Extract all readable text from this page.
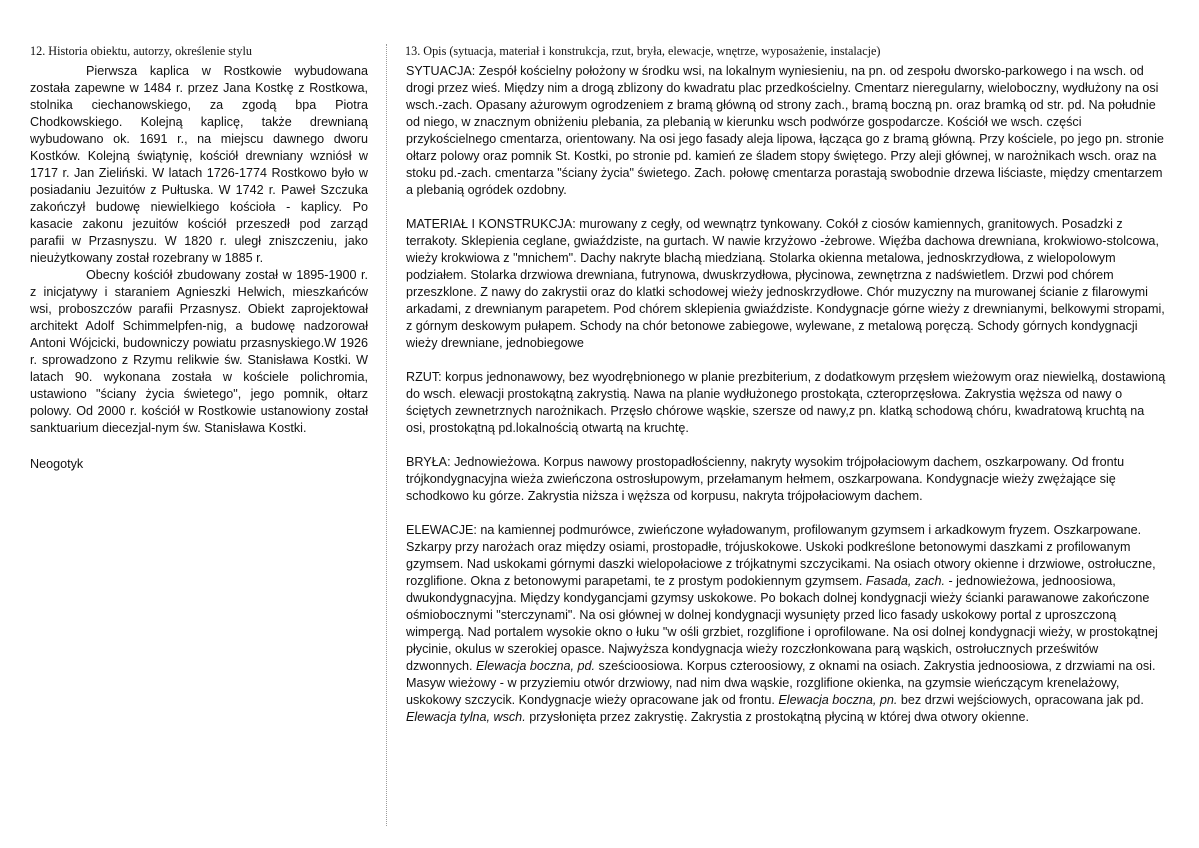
12. Historia obiektu, autorzy, określenie stylu

Pierwsza kaplica w Rostkowie wybudowana została zapewne w 1484 r. przez Jana Kostkę z Rostkowa, stolnika ciechanowskiego, za zgodą bpa Piotra Chodkowskiego. Kolejną kaplicę, także drewnianą wybudowano ok. 1691 r., na miejscu dawnego dworu Kostków. Kolejną świątynię, kościół drewniany wzniósł w 1717 r. Jan Zieliński. W latach 1726-1774 Rostkowo było w posiadaniu Jezuitów z Pułtuska. W 1742 r. Paweł Szczuka zakończył budowę niewielkiego kościoła - kaplicy. Po kasacie zakonu jezuitów kościół przeszedł pod zarząd parafii w Przasnyszu. W 1820 r. uległ zniszczeniu, jako nieużytkowany został rozebrany w 1885 r.

Obecny kościół zbudowany został w 1895-1900 r. z inicjatywy i staraniem Agnieszki Helwich, mieszkańców wsi, proboszczów parafii Przasnysz. Obiekt zaprojektował architekt Adolf Schimmelpfen-nig, a budowę nadzorował Antoni Wójcicki, budowniczy powiatu przasnyskiego.W 1926 r. sprowadzono z Rzymu relikwie św. Stanisława Kostki. W latach 90. wykonana została w kościele polichromia, ustawiono "ściany życia świetego", jego pomnik, ołtarz polowy. Od 2000 r. kościół w Rostkowie ustanowiony został sanktuarium diecezjal-nym św. Stanisława Kostki.

Neogotyk

13. Opis (sytuacja, materiał i konstrukcja, rzut, bryła, elewacje, wnętrze, wyposażenie, instalacje)

SYTUACJA: Zespół kościelny położony w środku wsi, na lokalnym wyniesieniu, na pn. od zespołu dworsko-parkowego i na wsch. od drogi przez wieś. Między nim a drogą zblizony do kwadratu plac przedkościelny. Cmentarz nieregularny, wieloboczny, wydłużony na osi wsch.-zach. Opasany ażurowym ogrodzeniem z bramą główną od strony zach., bramą boczną pn. oraz bramką od str. pd. Na południe od niego, w znacznym obniżeniu plebania, za plebanią w kierunku wsch podwórze gospodarcze. Kościół we wsch. części przykościelnego cmentarza, orientowany. Na osi jego fasady aleja lipowa, łącząca go z bramą główną. Przy kościele, po jego pn. stronie ołtarz polowy oraz pomnik St. Kostki, po stronie pd. kamień ze śladem stopy świętego. Przy aleji głównej, w narożnikach wsch. oraz na stoku pd.-zach. cmentarza "ściany życia" świetego. Zach. połowę cmentarza porastają swobodnie drzewa liściaste, między cmentarzem a plebanią ogródek ozdobny.

MATERIAŁ I KONSTRUKCJA: murowany z cegły, od wewnątrz tynkowany. Cokół z ciosów kamiennych, granitowych. Posadzki z terrakoty. Sklepienia ceglane, gwiaździste, na gurtach. W nawie krzyżowo -żebrowe. Więźba dachowa drewniana, krokwiowo-stolcowa, wieży krokwiowa z "mnichem". Dachy nakryte blachą miedzianą. Stolarka okienna metalowa, jednoskrzydłowa, z wielopolowym podziałem. Stolarka drzwiowa drewniana, futrynowa, dwuskrzydłowa, płycinowa, zewnętrzna z nadświetlem. Drzwi pod chórem przeszklone. Z nawy do zakrystii oraz do klatki schodowej wieży jednoskrzydłowe. Chór muzyczny na murowanej ścianie z filarowymi arkadami, z drewnianym parapetem. Pod chórem sklepienia gwiaździste. Kondygnacje górne wieży z drewnianymi, belkowymi stropami, z górnym deskowym pułapem. Schody na chór betonowe zabiegowe, wylewane, z metalową poręczą. Schody górnych kondygnacji wieży drewniane, jednobiegowe

RZUT: korpus jednonawowy, bez wyodrębnionego w planie prezbiterium, z dodatkowym przęsłem wieżowym oraz niewielką, dostawioną do wsch. elewacji prostokątną zakrystią. Nawa na planie wydłużonego prostokąta, czteroprzęsłowa. Zakrystia węższa od nawy o ściętych zewnetrznych narożnikach. Przęsło chórowe wąskie, szersze od nawy,z pn. klatką schodową chóru, kwadratową kruchtą na osi, prostokątną pd.lokalnością otwartą na kruchtę.

BRYŁA: Jednowieżowa. Korpus nawowy prostopadłościenny, nakryty wysokim trójpołaciowym dachem, oszkarpowany. Od frontu trójkondygnacyjna wieża zwieńczona ostrosłupowym, przełamanym hełmem, oszkarpowana. Kondygnacje wieży zwężające się schodkowo ku górze. Zakrystia niższa i węższa od korpusu, nakryta trójpołaciowym dachem.

ELEWACJE: na kamiennej podmurówce, zwieńczone wyładowanym, profilowanym gzymsem i arkadkowym fryzem. Oszkarpowane. Szkarpy przy narożach oraz między osiami, prostopadłe, trójuskokowe. Uskoki podkreślone betonowymi daszkami z profilowanym gzymsem. Nad uskokami górnymi daszki wielopołaciowe z trójkatnymi szczycikami. Na osiach otwory okienne i drzwiowe, ostrołuczne, rozglifione. Okna z betonowymi parapetami, te z prostym podokiennym gzymsem. Fasada, zach. - jednowieżowa, jednoosiowa, dwukondygnacyjna. Między kondygancjami gzymsy uskokowe. Po bokach dolnej kondygnacji wieży ścianki parawanowe zakończone ośmiobocznymi "sterczynami". Na osi głównej w dolnej kondygnacji wysunięty przed lico fasady uskokowy portal z uproszczoną wimpergą. Nad portalem wysokie okno o łuku "w ośli grzbiet, rozglifione i oprofilowane. Na osi dolnej kondygnacji wieży, w prostokątnej płycinie, okulus w szerokiej opasce. Najwyższa kondygnacja wieży rozczłonkowana parą wąskich, ostrołucznych prześwitów dzwonnych. Elewacja boczna, pd. sześcioosiowa. Korpus czteroosiowy, z oknami na osiach. Zakrystia jednoosiowa, z drzwiami na osi. Masyw wieżowy - w przyziemiu otwór drzwiowy, nad nim dwa wąskie, rozglifione okienka, na gzymsie wieńczącym krenelażowy, uskokowy szczycik. Kondygnacje wieży opracowane jak od frontu. Elewacja boczna, pn. bez drzwi wejściowych, opracowana jak pd. Elewacja tylna, wsch. przysłonięta przez zakrystię. Zakrystia z prostokątną płyciną w której dwa otwory okienne.
